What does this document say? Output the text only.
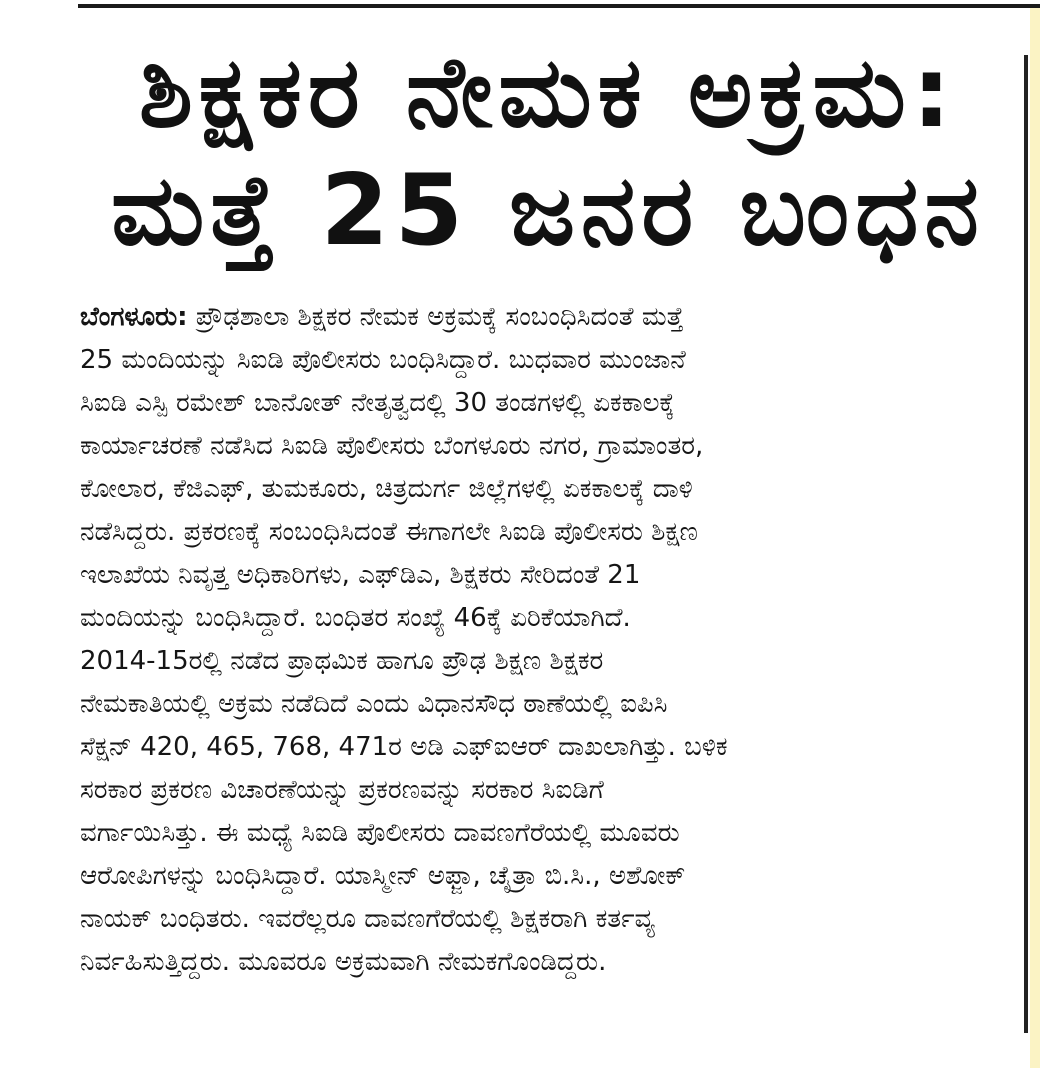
ಶಿಕ್ಷಕರ ನೇಮಕ ಅಕ್ರಮ:
ಮತ್ತೆ 25 ಜನರ ಬಂಧನ
ಬೆಂಗಳೂರು: ಪ್ರೌಢಶಾಲಾ ಶಿಕ್ಷಕರ ನೇಮಕ ಅಕ್ರಮಕ್ಕೆ ಸಂಬಂಧಿಸಿದಂತೆ ಮತ್ತೆ
25 ಮಂದಿಯನ್ನು ಸಿಐಡಿ ಪೊಲೀಸರು ಬಂಧಿಸಿದ್ದಾರೆ. ಬುಧವಾರ ಮುಂಜಾನೆ
ಸಿಐಡಿ ಎಸ್ಪಿ ರಮೇಶ್ ಬಾನೋತ್ ನೇತೃತ್ವದಲ್ಲಿ 30 ತಂಡಗಳಲ್ಲಿ ಏಕಕಾಲಕ್ಕೆ
ಕಾರ್ಯಾಚರಣೆ ನಡೆಸಿದ ಸಿಐಡಿ ಪೊಲೀಸರು ಬೆಂಗಳೂರು ನಗರ, ಗ್ರಾಮಾಂತರ,
ಕೋಲಾರ, ಕೆಜಿಎಫ್, ತುಮಕೂರು, ಚಿತ್ರದುರ್ಗ ಜಿಲ್ಲೆಗಳಲ್ಲಿ ಏಕಕಾಲಕ್ಕೆ ದಾಳಿ
ನಡೆಸಿದ್ದರು. ಪ್ರಕರಣಕ್ಕೆ ಸಂಬಂಧಿಸಿದಂತೆ ಈಗಾಗಲೇ ಸಿಐಡಿ ಪೊಲೀಸರು ಶಿಕ್ಷಣ
ಇಲಾಖೆಯ ನಿವೃತ್ತ ಅಧಿಕಾರಿಗಳು, ಎಫ್‌ಡಿಎ, ಶಿಕ್ಷಕರು ಸೇರಿದಂತೆ 21
ಮಂದಿಯನ್ನು ಬಂಧಿಸಿದ್ದಾರೆ. ಬಂಧಿತರ ಸಂಖ್ಯೆ 46ಕ್ಕೆ ಏರಿಕೆಯಾಗಿದೆ.
2014-15ರಲ್ಲಿ ನಡೆದ ಪ್ರಾಥಮಿಕ ಹಾಗೂ ಪ್ರೌಢ ಶಿಕ್ಷಣ ಶಿಕ್ಷಕರ
ನೇಮಕಾತಿಯಲ್ಲಿ ಅಕ್ರಮ ನಡೆದಿದೆ ಎಂದು ವಿಧಾನಸೌಧ ಠಾಣೆಯಲ್ಲಿ ಐಪಿಸಿ
ಸೆಕ್ಷನ್ 420, 465, 768, 471ರ ಅಡಿ ಎಫ್‌ಐಆರ್ ದಾಖಲಾಗಿತ್ತು. ಬಳಿಕ
ಸರಕಾರ ಪ್ರಕರಣ ವಿಚಾರಣೆಯನ್ನು ಪ್ರಕರಣವನ್ನು ಸರಕಾರ ಸಿಐಡಿಗೆ
ವರ್ಗಾಯಿಸಿತ್ತು. ಈ ಮಧ್ಯೆ ಸಿಐಡಿ ಪೊಲೀಸರು ದಾವಣಗೆರೆಯಲ್ಲಿ ಮೂವರು
ಆರೋಪಿಗಳನ್ನು ಬಂಧಿಸಿದ್ದಾರೆ. ಯಾಸ್ಮೀನ್ ಅಫ್ಜಾ, ಚೈತ್ರಾ ಬಿ.ಸಿ., ಅಶೋಕ್
ನಾಯಕ್ ಬಂಧಿತರು. ಇವರೆಲ್ಲರೂ ದಾವಣಗೆರೆಯಲ್ಲಿ ಶಿಕ್ಷಕರಾಗಿ ಕರ್ತವ್ಯ
ನಿರ್ವಹಿಸುತ್ತಿದ್ದರು. ಮೂವರೂ ಅಕ್ರಮವಾಗಿ ನೇಮಕಗೊಂಡಿದ್ದರು.
